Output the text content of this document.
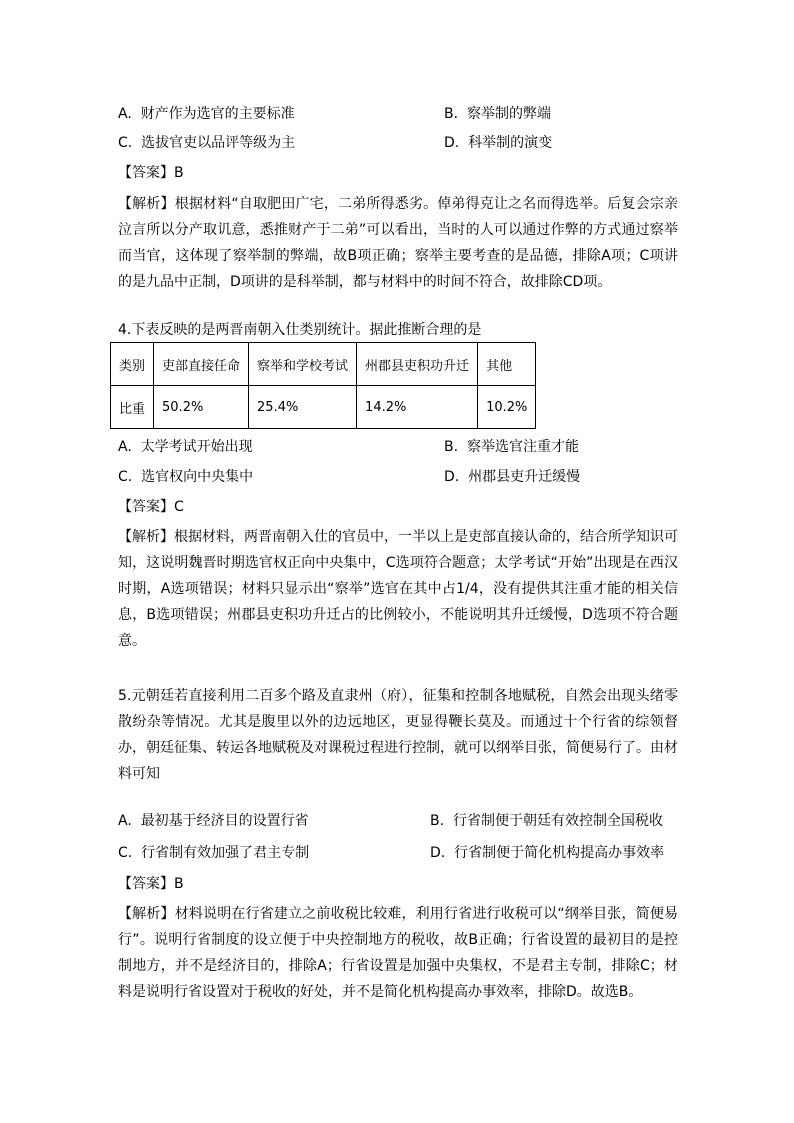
A. 财产作为选官的主要标准	B. 察举制的弊端
C. 选拔官吏以品评等级为主	D. 科举制的演变
【答案】B
【解析】根据材料“自取肥田广宅，二弟所得悉劣。倬弟得克让之名而得选举。后复会宗亲泣言所以分产取讥意，悉推财产于二弟”可以看出，当时的人可以通过作弊的方式通过察举而当官，这体现了察举制的弊端，故B项正确；察举主要考查的是品德，排除A项；C项讲的是九品中正制，D项讲的是科举制，都与材料中的时间不符合，故排除CD项。
4.下表反映的是两晋南朝入仕类别统计。据此推断合理的是
类别	吏部直接任命	察举和学校考试	州郡县吏积功升迁	其他
比重	50.2%	25.4%	14.2%	10.2%
A. 太学考试开始出现	B. 察举选官注重才能
C. 选官权向中央集中	D. 州郡县吏升迁缓慢
【答案】C
【解析】根据材料，两晋南朝入仕的官员中，一半以上是吏部直接认命的，结合所学知识可知，这说明魏晋时期选官权正向中央集中，C选项符合题意；太学考试“开始”出现是在西汉时期，A选项错误；材料只显示出“察举”选官在其中占1/4，没有提供其注重才能的相关信息，B选项错误；州郡县吏积功升迁占的比例较小，不能说明其升迁缓慢，D选项不符合题意。
5.元朝廷若直接利用二百多个路及直隶州（府），征集和控制各地赋税，自然会出现头绪零散纷杂等情况。尤其是腹里以外的边远地区，更显得鞭长莫及。而通过十个行省的综领督办，朝廷征集、转运各地赋税及对课税过程进行控制，就可以纲举目张，简便易行了。由材料可知
A. 最初基于经济目的设置行省	B. 行省制便于朝廷有效控制全国税收
C. 行省制有效加强了君主专制	D. 行省制便于简化机构提高办事效率
【答案】B
【解析】材料说明在行省建立之前收税比较难，利用行省进行收税可以“纲举目张，简便易行”。说明行省制度的设立便于中央控制地方的税收，故B正确；行省设置的最初目的是控制地方，并不是经济目的，排除A；行省设置是加强中央集权，不是君主专制，排除C；材料是说明行省设置对于税收的好处，并不是简化机构提高办事效率，排除D。故选B。
